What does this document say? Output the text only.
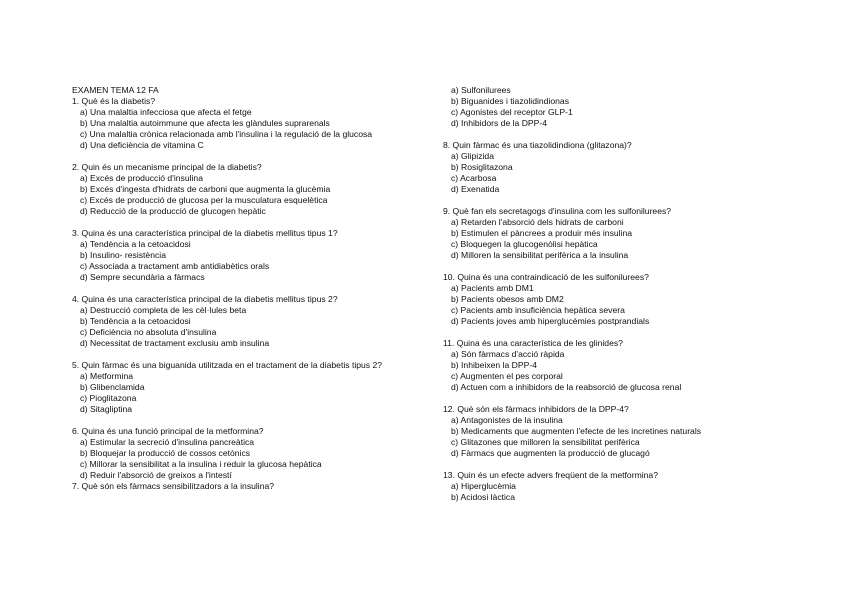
EXAMEN TEMA 12 FA

1. Què és la diabetis?

a) Una malaltia infecciosa que afecta el fetge
b) Una malaltia autoimmune que afecta les glàndules suprarenals
c) Una malaltia crònica relacionada amb l'insulina i la regulació de la glucosa
d) Una deficiència de vitamina C

2. Quin és un mecanisme principal de la diabetis?

a) Excés de producció d'insulina
b) Excés d'ingesta d'hidrats de carboni que augmenta la glucèmia
c) Excés de producció de glucosa per la musculatura esquelètica
d) Reducció de la producció de glucogen hepàtic

3. Quina és una característica principal de la diabetis mellitus tipus 1?

a) Tendència a la cetoacidosi
b) Insulino- resistència
c) Associada a tractament amb antidiabètics orals
d) Sempre secundària a fàrmacs

4. Quina és una característica principal de la diabetis mellitus tipus 2?

a) Destrucció completa de les cèl·lules beta
b) Tendència a la cetoacidosi
c) Deficiència no absoluta d'insulina
d) Necessitat de tractament exclusiu amb insulina

5. Quin fàrmac és una biguanida utilitzada en el tractament de la diabetis tipus 2?

a) Metformina
b) Glibenclamida
c) Pioglitazona
d) Sitagliptina

6. Quina és una funció principal de la metformina?

a) Estimular la secreció d'insulina pancreàtica
b) Bloquejar la producció de cossos cetònics
c) Millorar la sensibilitat a la insulina i reduir la glucosa hepàtica
d) Reduir l'absorció de greixos a l'intestí

7. Què són els fàrmacs sensibilitzadors a la insulina?

a) Sulfonilurees
b) Biguanides i tiazolidindionas
c) Agonistes del receptor GLP-1
d) Inhibidors de la DPP-4

8. Quin fàrmac és una tiazolidindiona (glitazona)?

a) Glipizida
b) Rosiglitazona
c) Acarbosa
d) Exenatida

9. Què fan els secretagogs d'insulina com les sulfonilurees?

a) Retarden l'absorció dels hidrats de carboni
b) Estimulen el pàncrees a produir més insulina
c) Bloquegen la glucogenòlisi hepàtica
d) Milloren la sensibilitat perifèrica a la insulina

10. Quina és una contraindicació de les sulfonilurees?

a) Pacients amb DM1
b) Pacients obesos amb DM2
c) Pacients amb insuficiència hepàtica severa
d) Pacients joves amb hiperglucèmies postprandials

11. Quina és una característica de les glinides?

a) Són fàrmacs d'acció ràpida
b) Inhibeixen la DPP-4
c) Augmenten el pes corporal
d) Actuen com a inhibidors de la reabsorció de glucosa renal

12. Què són els fàrmacs inhibidors de la DPP-4?

a) Antagonistes de la insulina
b) Medicaments que augmenten l'efecte de les incretines naturals
c) Glitazones que milloren la sensibilitat perifèrica
d) Fàrmacs que augmenten la producció de glucagó

13. Quin és un efecte advers freqüent de la metformina?

a) Hiperglucèmia
b) Acidosi làctica
